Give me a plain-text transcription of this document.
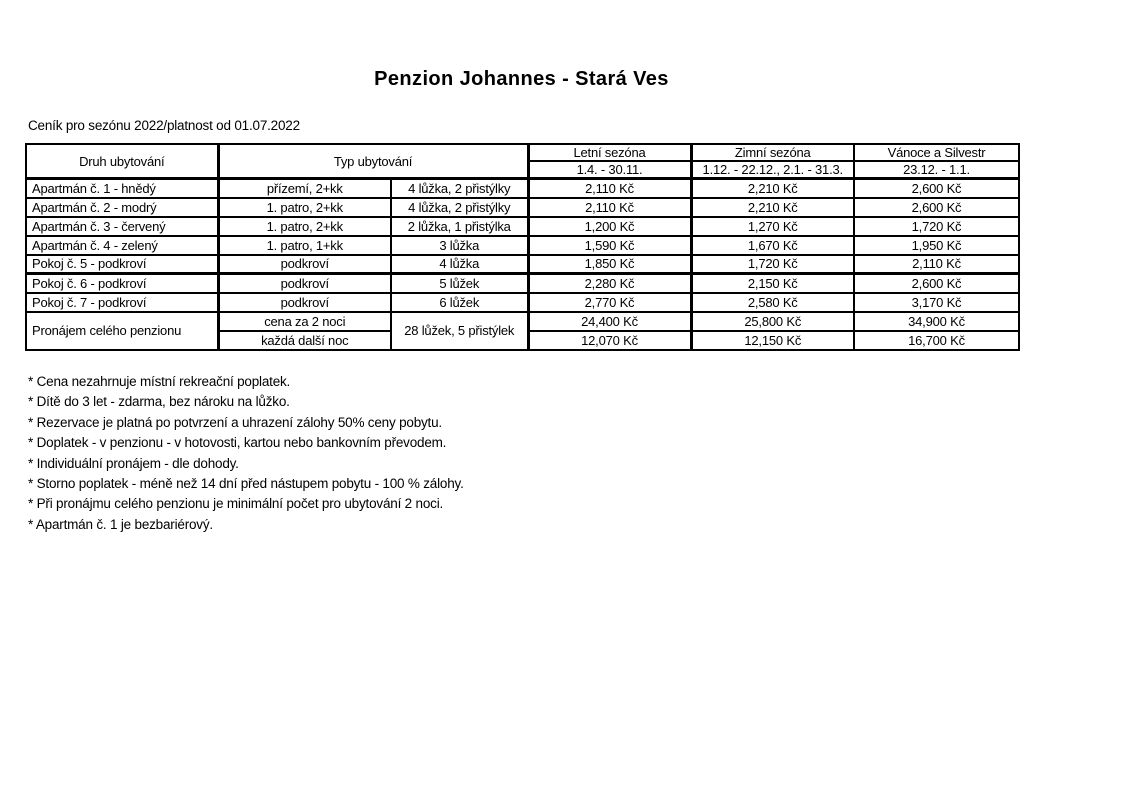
Penzion Johannes - Stará Ves
Ceník pro sezónu 2022/platnost od 01.07.2022
Druh ubytování	Typ ubytování		Letní sezóna	Zimní sezóna	Vánoce a Silvestr
			1.4. - 30.11.	1.12. - 22.12., 2.1. - 31.3.	23.12. - 1.1.
Apartmán č. 1 - hnědý	přízemí, 2+kk	4 lůžka, 2 přistýlky	2,110 Kč	2,210 Kč	2,600 Kč
Apartmán č. 2 - modrý	1. patro, 2+kk	4 lůžka, 2 přistýlky	2,110 Kč	2,210 Kč	2,600 Kč
Apartmán č. 3 - červený	1. patro, 2+kk	2 lůžka, 1 přistýlka	1,200 Kč	1,270 Kč	1,720 Kč
Apartmán č. 4 - zelený	1. patro, 1+kk	3 lůžka	1,590 Kč	1,670 Kč	1,950 Kč
Pokoj č. 5 - podkroví	podkroví	4 lůžka	1,850 Kč	1,720 Kč	2,110 Kč
Pokoj č. 6 - podkroví	podkroví	5 lůžek	2,280 Kč	2,150 Kč	2,600 Kč
Pokoj č. 7 - podkroví	podkroví	6 lůžek	2,770 Kč	2,580 Kč	3,170 Kč
Pronájem celého penzionu	cena za 2 noci	28 lůžek, 5 přistýlek	24,400 Kč	25,800 Kč	34,900 Kč
	každá další noc		12,070 Kč	12,150 Kč	16,700 Kč
* Cena nezahrnuje místní rekreační poplatek.
* Dítě do 3 let - zdarma, bez nároku na lůžko.
* Rezervace je platná po potvrzení a uhrazení zálohy 50% ceny pobytu.
* Doplatek - v penzionu - v hotovosti, kartou nebo bankovním převodem.
* Individuální pronájem - dle dohody.
* Storno poplatek - méně než 14 dní před nástupem pobytu - 100 % zálohy.
* Při pronájmu celého penzionu je minimální počet pro ubytování 2 noci.
* Apartmán č. 1 je bezbariérový.
